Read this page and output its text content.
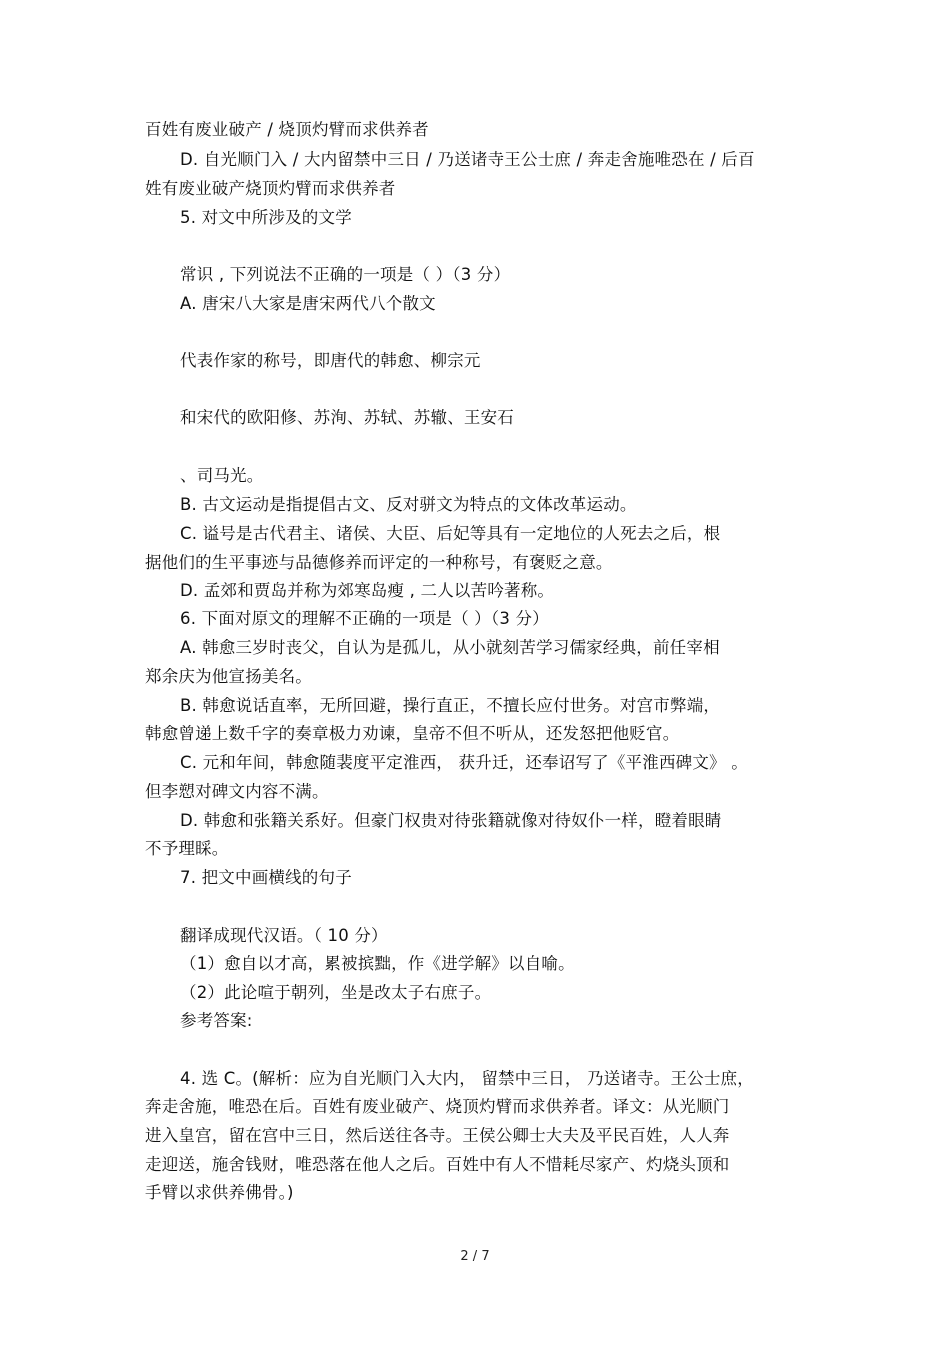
百姓有废业破产 / 烧顶灼臂而求供养者
D. 自光顺门入 / 大内留禁中三日 / 乃送诸寺王公士庶 / 奔走舍施唯恐在 / 后百
姓有废业破产烧顶灼臂而求供养者
5. 对文中所涉及的文学
常识 , 下列说法不正确的一项是（ ）（3 分）
A. 唐宋八大家是唐宋两代八个散文
代表作家的称号，即唐代的韩愈、柳宗元
和宋代的欧阳修、苏洵、苏轼、苏辙、王安石
、司马光。
B. 古文运动是指提倡古文、反对骈文为特点的文体改革运动。
C. 谥号是古代君主、诸侯、大臣、后妃等具有一定地位的人死去之后，根
据他们的生平事迹与品德修养而评定的一种称号，有褒贬之意。
D. 孟郊和贾岛并称为郊寒岛瘦 , 二人以苦吟著称。
6. 下面对原文的理解不正确的一项是（ ）（3 分）
A. 韩愈三岁时丧父，自认为是孤儿，从小就刻苦学习儒家经典，前任宰相
郑余庆为他宣扬美名。
B. 韩愈说话直率，无所回避，操行直正，不擅长应付世务。对宫市弊端，
韩愈曾递上数千字的奏章极力劝谏，皇帝不但不听从，还发怒把他贬官。
C. 元和年间，韩愈随裴度平定淮西， 获升迁，还奉诏写了《平淮西碑文》 。
但李愬对碑文内容不满。
D. 韩愈和张籍关系好。但豪门权贵对待张籍就像对待奴仆一样，瞪着眼睛
不予理睬。
7. 把文中画横线的句子
翻译成现代汉语。（ 10 分）
（1）愈自以才高，累被摈黜，作《进学解》以自喻。
（2）此论喧于朝列，坐是改太子右庶子。
参考答案:
4. 选 C。(解析：应为自光顺门入大内， 留禁中三日， 乃送诸寺。王公士庶，
奔走舍施，唯恐在后。百姓有废业破产、烧顶灼臂而求供养者。译文：从光顺门
进入皇宫，留在宫中三日，然后送往各寺。王侯公卿士大夫及平民百姓，人人奔
走迎送，施舍钱财，唯恐落在他人之后。百姓中有人不惜耗尽家产、灼烧头顶和
手臂以求供养佛骨。)
2 / 7
